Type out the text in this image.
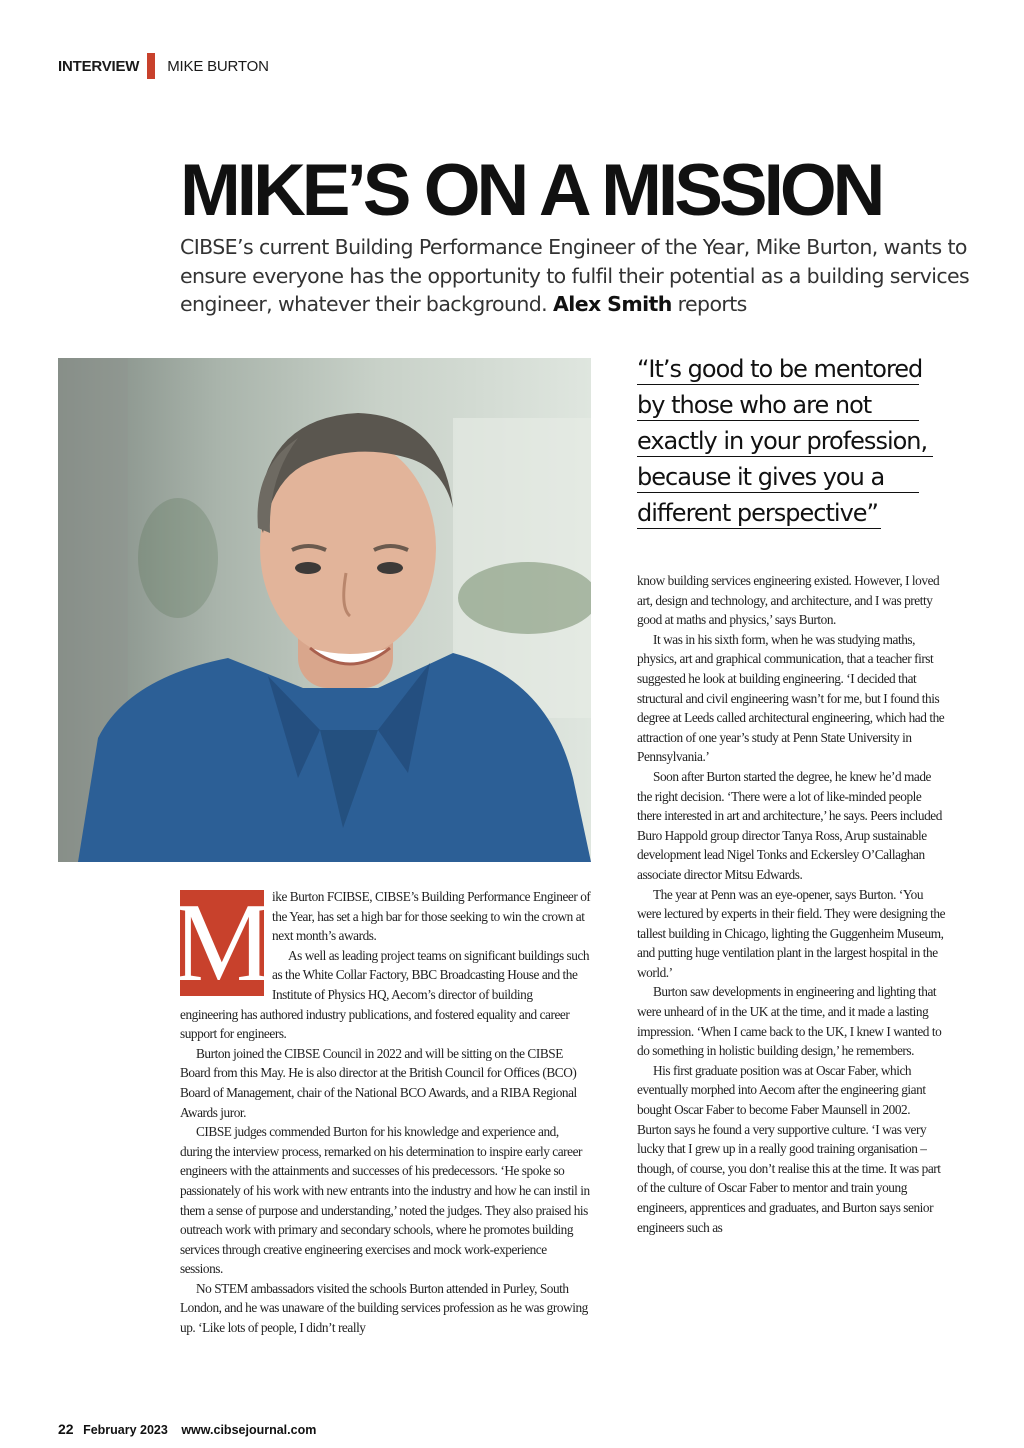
INTERVIEW MIKE BURTON
MIKE’S ON A MISSION

CIBSE’s current Building Performance Engineer of the Year, Mike Burton, wants to ensure everyone has the opportunity to fulfil their potential as a building services engineer, whatever their background. Alex Smith reports

“It’s good to be mentored
by those who are not
exactly in your profession,
because it gives you a
different perspective”
M ike Burton FCIBSE, CIBSE’s Building Performance Engineer of the Year, has set a high bar for those seeking to win the crown at next month’s awards.

As well as leading project teams on significant buildings such as the White Collar Factory, BBC Broadcasting House and the Institute of Physics HQ, Aecom’s director of building engineering has authored industry publications, and fostered equality and career support for engineers.

Burton joined the CIBSE Council in 2022 and will be sitting on the CIBSE Board from this May. He is also director at the British Council for Offices (BCO) Board of Management, chair of the National BCO Awards, and a RIBA Regional Awards juror.

CIBSE judges commended Burton for his knowledge and experience and, during the interview process, remarked on his determination to inspire early career engineers with the attainments and successes of his predecessors. ‘He spoke so passionately of his work with new entrants into the industry and how he can instil in them a sense of purpose and understanding,’ noted the judges. They also praised his outreach work with primary and secondary schools, where he promotes building services through creative engineering exercises and mock work-experience sessions.

No STEM ambassadors visited the schools Burton attended in Purley, South London, and he was unaware of the building services profession as he was growing up. ‘Like lots of people, I didn’t really

know building services engineering existed. However, I loved art, design and technology, and architecture, and I was pretty good at maths and physics,’ says Burton.

It was in his sixth form, when he was studying maths, physics, art and graphical communication, that a teacher first suggested he look at building engineering. ‘I decided that structural and civil engineering wasn’t for me, but I found this degree at Leeds called architectural engineering, which had the attraction of one year’s study at Penn State University in Pennsylvania.’

Soon after Burton started the degree, he knew he’d made the right decision. ‘There were a lot of like-minded people there interested in art and architecture,’ he says. Peers included Buro Happold group director Tanya Ross, Arup sustainable development lead Nigel Tonks and Eckersley O’Callaghan associate director Mitsu Edwards.

The year at Penn was an eye-opener, says Burton. ‘You were lectured by experts in their field. They were designing the tallest building in Chicago, lighting the Guggenheim Museum, and putting huge ventilation plant in the largest hospital in the world.’

Burton saw developments in engineering and lighting that were unheard of in the UK at the time, and it made a lasting impression. ‘When I came back to the UK, I knew I wanted to do something in holistic building design,’ he remembers.

His first graduate position was at Oscar Faber, which eventually morphed into Aecom after the engineering giant bought Oscar Faber to become Faber Maunsell in 2002. Burton says he found a very supportive culture. ‘I was very lucky that I grew up in a really good training organisation – though, of course, you don’t realise this at the time. It was part of the culture of Oscar Faber to mentor and train young engineers, apprentices and graduates, and Burton says senior engineers such as

22 February 2023 www.cibsejournal.com
